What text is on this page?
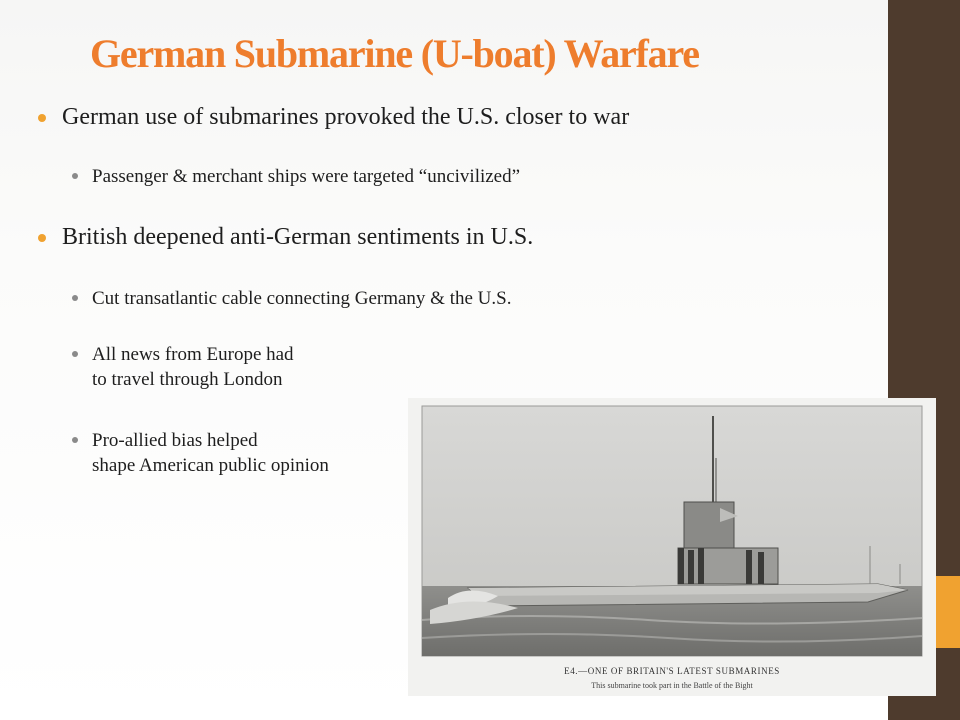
German Submarine (U-boat) Warfare
German use of submarines provoked the U.S. closer to war
Passenger & merchant ships were targeted “uncivilized”
British deepened anti-German sentiments in U.S.
Cut transatlantic cable connecting Germany & the U.S.
All news from Europe had
to travel through London
Pro-allied bias helped
shape American public opinion
E4.—ONE OF BRITAIN'S LATEST SUBMARINES
This submarine took part in the Battle of the Bight
